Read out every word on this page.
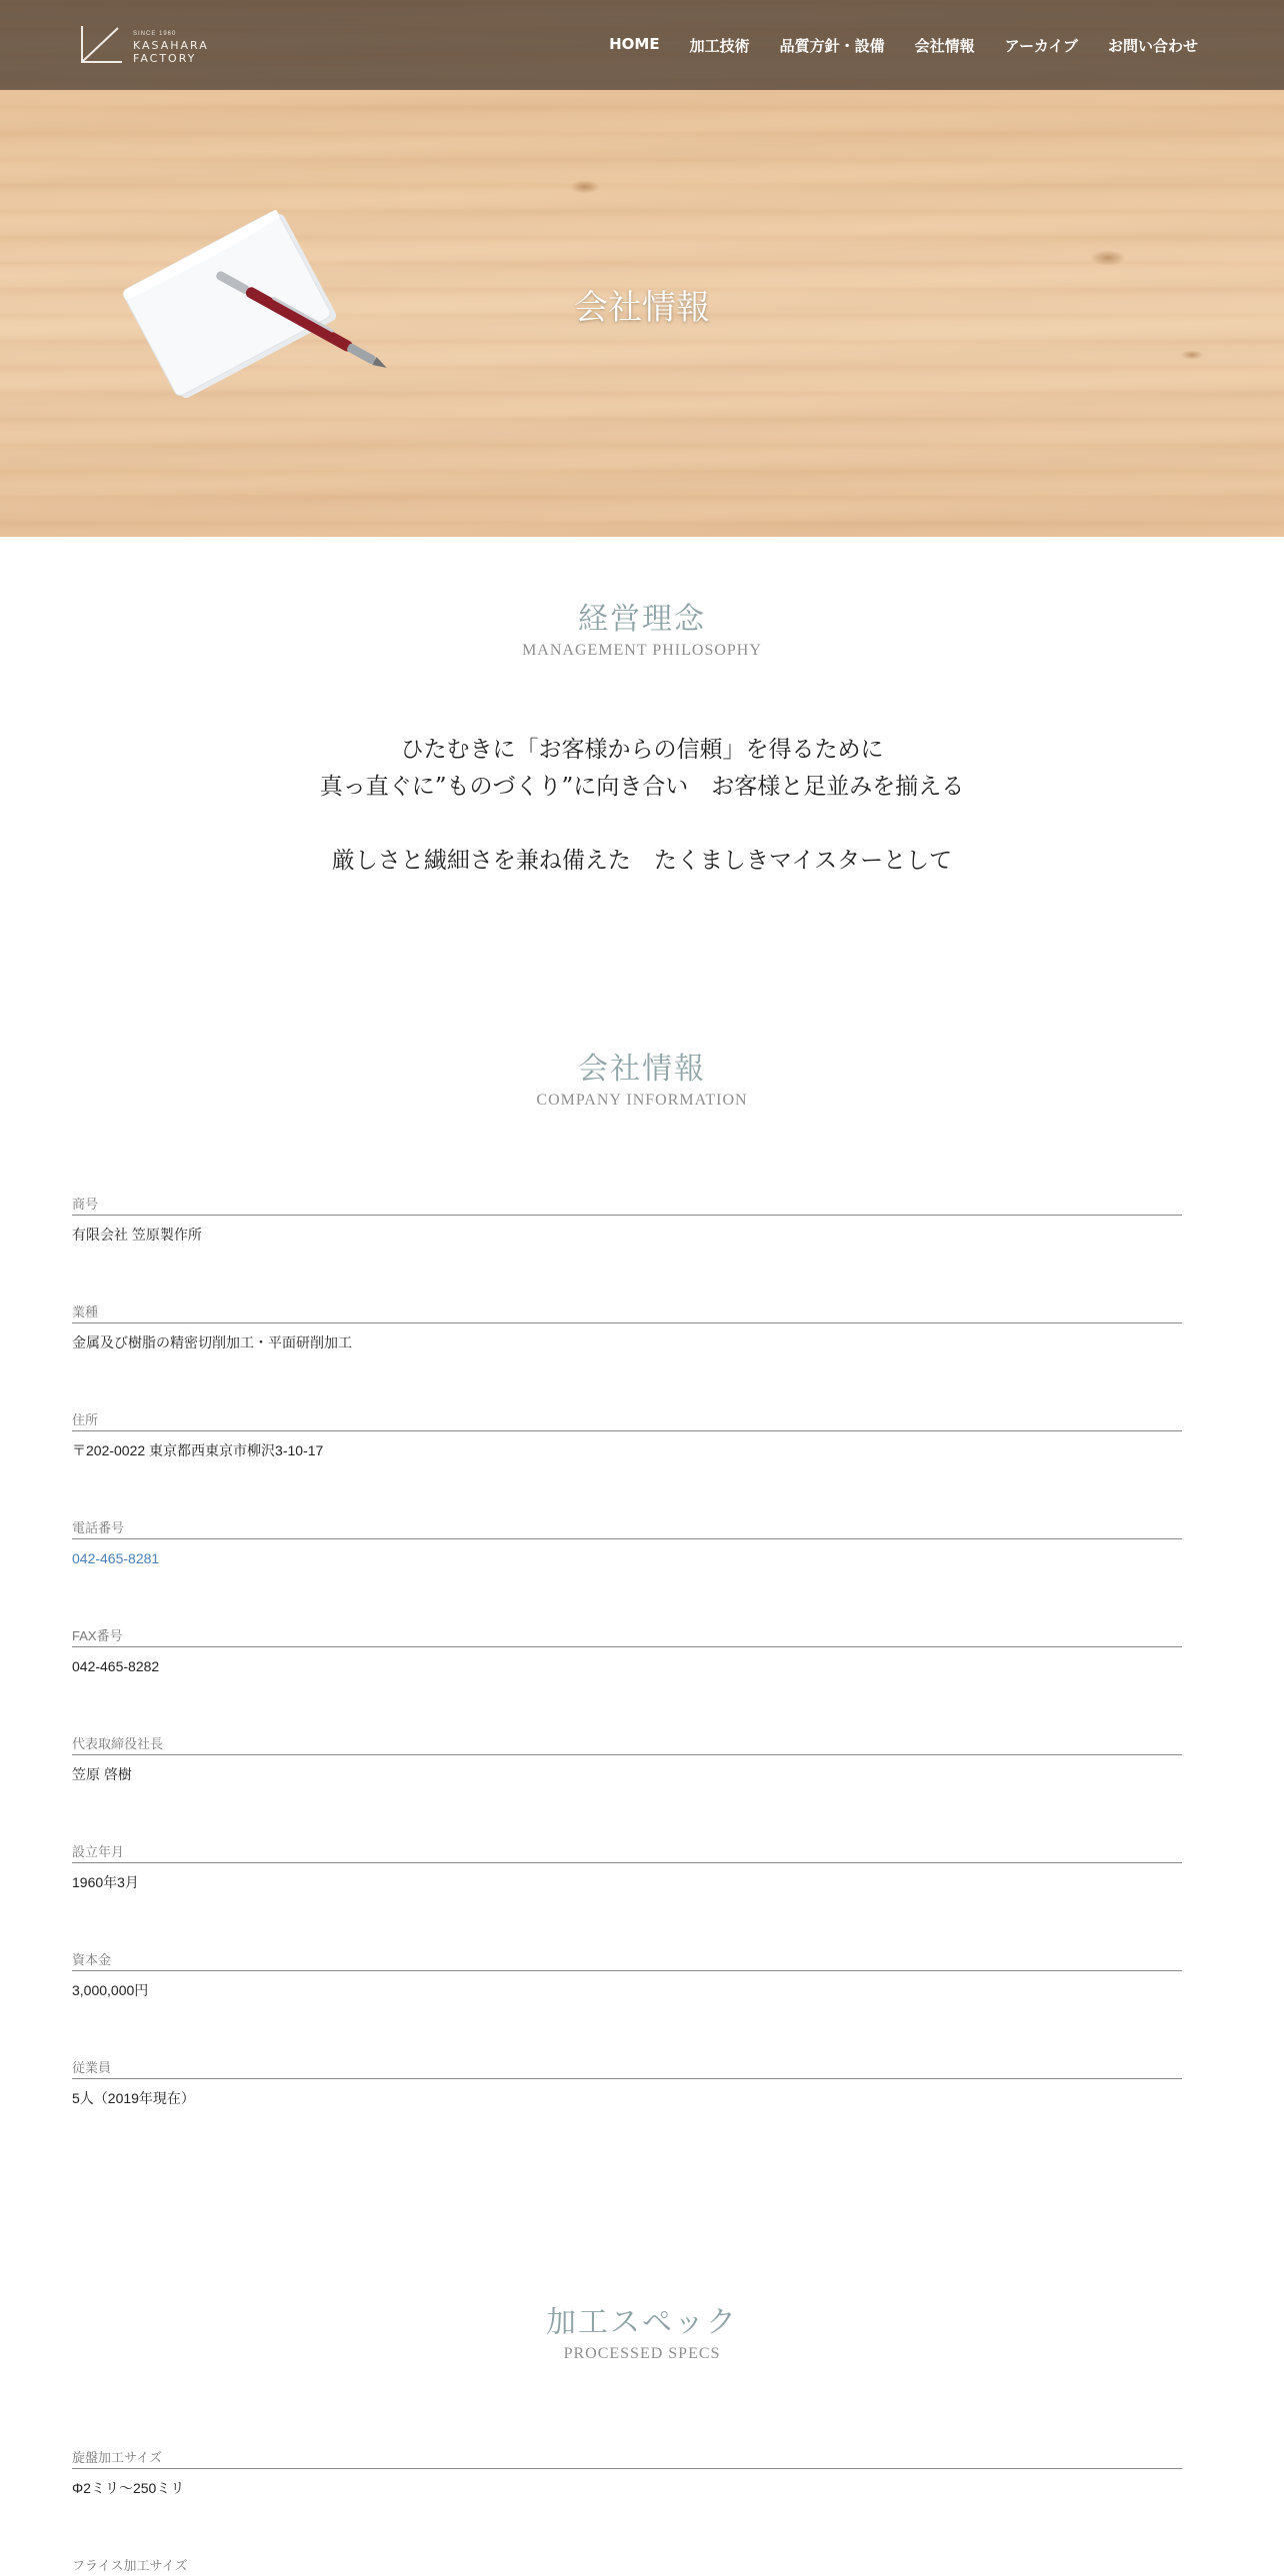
会社情報
SINCE 1960
KASAHARA
FACTORY
HOME 加工技術 品質方針・設備 会社情報 アーカイブ お問い合わせ
経営理念
MANAGEMENT PHILOSOPHY
ひたむきに「お客様からの信頼」を得るために
真っ直ぐに”ものづくり”に向き合い　お客様と足並みを揃える
厳しさと繊細さを兼ね備えた　たくましきマイスターとして
会社情報
COMPANY INFORMATION
商号
有限会社 笠原製作所
業種
金属及び樹脂の精密切削加工・平面研削加工
住所
〒202-0022 東京都西東京市柳沢3-10-17
電話番号
042-465-8281
FAX番号
042-465-8282
代表取締役社長
笠原 啓樹
設立年月
1960年3月
資本金
3,000,000円
従業員
5人（2019年現在）
加工スペック
PROCESSED SPECS
旋盤加工サイズ
Φ2ミリ～250ミリ
フライス加工サイズ
